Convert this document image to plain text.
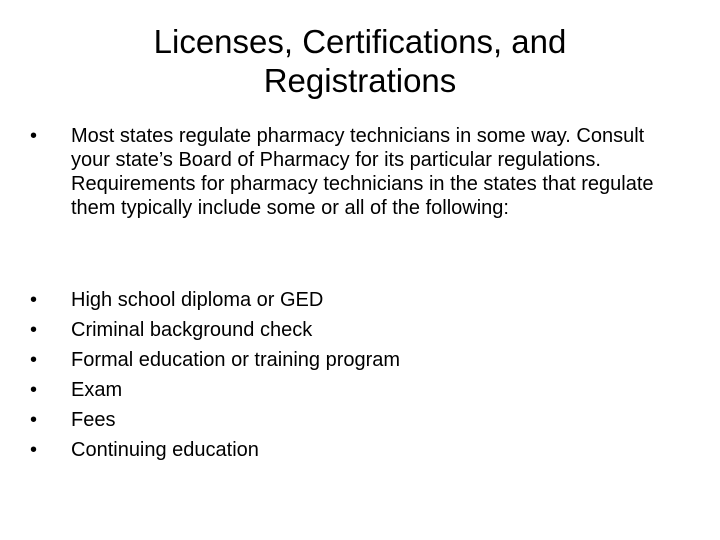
Licenses, Certifications, and
Registrations
•	Most states regulate pharmacy technicians in some way. Consult your state’s Board of Pharmacy for its particular regulations. Requirements for pharmacy technicians in the states that regulate them typically include some or all of the following:
•	High school diploma or GED
•	Criminal background check
•	Formal education or training program
•	Exam
•	Fees
•	Continuing education
